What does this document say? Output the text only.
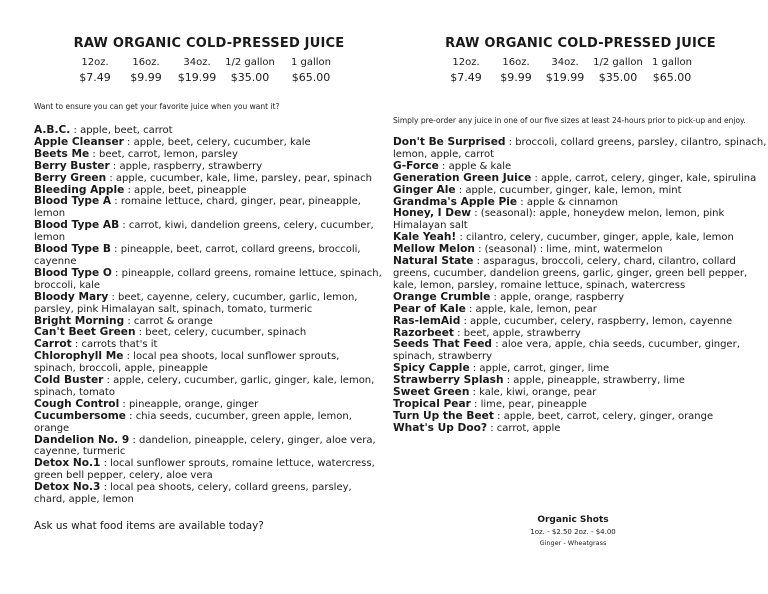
RAW ORGANIC COLD-PRESSED JUICE
12oz.
$7.49
16oz.
$9.99
34oz.
$19.99
1/2 gallon
$35.00
1 gallon
$65.00
Want to ensure you can get your favorite juice when you want it?

A.B.C. : apple, beet, carrot

Apple Cleanser : apple, beet, celery, cucumber, kale

Beets Me : beet, carrot, lemon, parsley

Berry Buster : apple, raspberry, strawberry

Berry Green : apple, cucumber, kale, lime, parsley, pear, spinach

Bleeding Apple : apple, beet, pineapple

Blood Type A : romaine lettuce, chard, ginger, pear, pineapple, lemon

Blood Type AB : carrot, kiwi, dandelion greens, celery, cucumber, lemon

Blood Type B : pineapple, beet, carrot, collard greens, broccoli, cayenne

Blood Type O : pineapple, collard greens, romaine lettuce, spinach, broccoli, kale

Bloody Mary : beet, cayenne, celery, cucumber, garlic, lemon, parsley, pink Himalayan salt, spinach, tomato, turmeric

Bright Morning : carrot & orange

Can't Beet Green : beet, celery, cucumber, spinach

Carrot : carrots that's it

Chlorophyll Me : local pea shoots, local sunflower sprouts, spinach, broccoli, apple, pineapple

Cold Buster : apple, celery, cucumber, garlic, ginger, kale, lemon, spinach, tomato

Cough Control : pineapple, orange, ginger

Cucumbersome : chia seeds, cucumber, green apple, lemon, orange

Dandelion No. 9 : dandelion, pineapple, celery, ginger, aloe vera, cayenne, turmeric

Detox No.1 : local sunflower sprouts, romaine lettuce, watercress, green bell pepper, celery, aloe vera

Detox No.3 : local pea shoots, celery, collard greens, parsley, chard, apple, lemon

Ask us what food items are available today?
RAW ORGANIC COLD-PRESSED JUICE
12oz.
$7.49
16oz.
$9.99
34oz.
$19.99
1/2 gallon
$35.00
1 gallon
$65.00
Simply pre-order any juice in one of our five sizes at least 24-hours prior to pick-up and enjoy.

Don't Be Surprised : broccoli, collard greens, parsley, cilantro, spinach, lemon, apple, carrot

G-Force : apple & kale

Generation Green Juice : apple, carrot, celery, ginger, kale, spirulina

Ginger Ale : apple, cucumber, ginger, kale, lemon, mint

Grandma's Apple Pie : apple & cinnamon

Honey, I Dew : (seasonal): apple, honeydew melon, lemon, pink Himalayan salt

Kale Yeah! : cilantro, celery, cucumber, ginger, apple, kale, lemon

Mellow Melon : (seasonal) : lime, mint, watermelon

Natural State : asparagus, broccoli, celery, chard, cilantro, collard greens, cucumber, dandelion greens, garlic, ginger, green bell pepper, kale, lemon, parsley, romaine lettuce, spinach, watercress

Orange Crumble : apple, orange, raspberry

Pear of Kale : apple, kale, lemon, pear

Ras-lemAid : apple, cucumber, celery, raspberry, lemon, cayenne

Razorbeet : beet, apple, strawberry

Seeds That Feed : aloe vera, apple, chia seeds, cucumber, ginger, spinach, strawberry

Spicy Capple : apple, carrot, ginger, lime

Strawberry Splash : apple, pineapple, strawberry, lime

Sweet Green : kale, kiwi, orange, pear

Tropical Pear : lime, pear, pineapple

Turn Up the Beet : apple, beet, carrot, celery, ginger, orange

What's Up Doo? : carrot, apple

Organic Shots
1oz. - $2.50 2oz. - $4.00
Ginger - Wheatgrass
